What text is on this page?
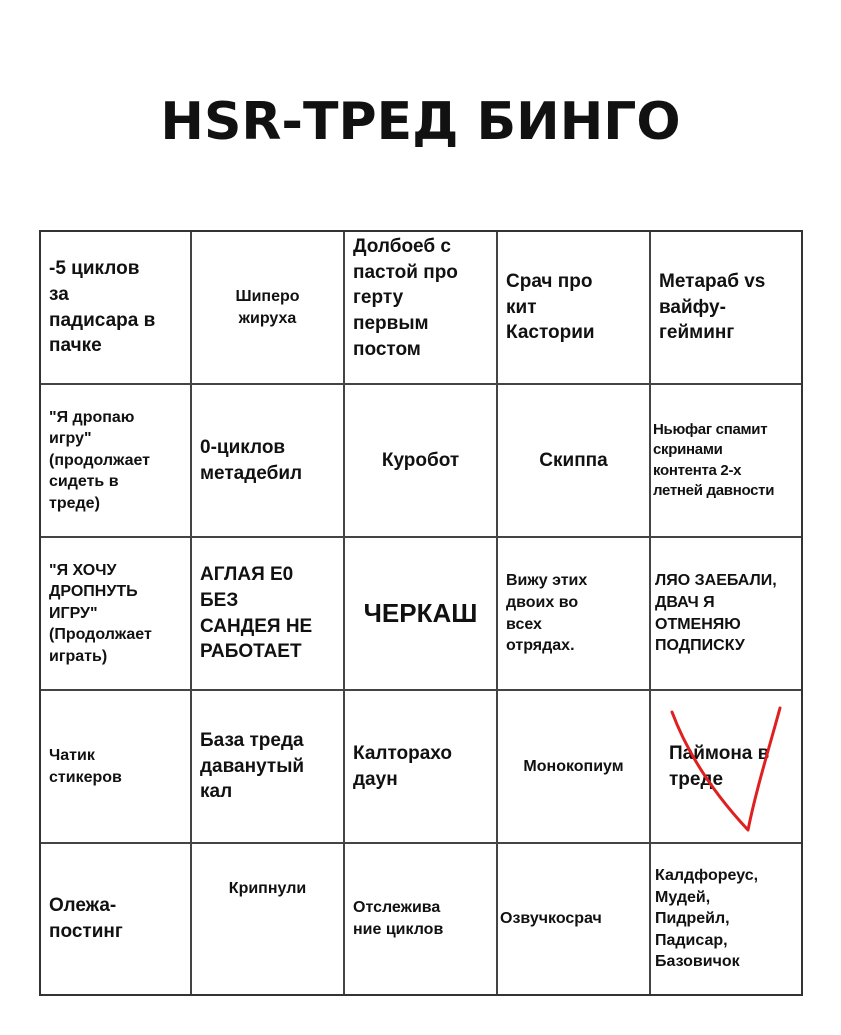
HSR-ТРЕД БИНГО
-5 циклов
за
падисара в
пачке
Шиперо
жируха
Долбоеб с
пастой про
герту
первым
постом
Срач про
кит
Кастории
Метараб vs
вайфу-
гейминг
"Я дропаю
игру"
(продолжает
сидеть в
треде)
0-циклов
метадебил
Куробот	Скиппа
Ньюфаг спамит
скринами
контента 2-х
летней давности
"Я ХОЧУ
ДРОПНУТЬ
ИГРУ"
(Продолжает
играть)
АГЛАЯ Е0
БЕЗ
САНДЕЯ НЕ
РАБОТАЕТ
ЧЕРКАШ
Вижу этих
двоих во
всех
отрядах.
ЛЯО ЗАЕБАЛИ,
ДВАЧ Я
ОТМЕНЯЮ
ПОДПИСКУ
Чатик
стикеров
База треда
даванутый
кал
Калторахо
даун
Монокопиум
Паймона в
треде
Олежа-
постинг
Крипнули
Отслежива
ние циклов
Озвучкосрач
Калдфореус,
Мудей,
Пидрейл,
Падисар,
Базовичок
